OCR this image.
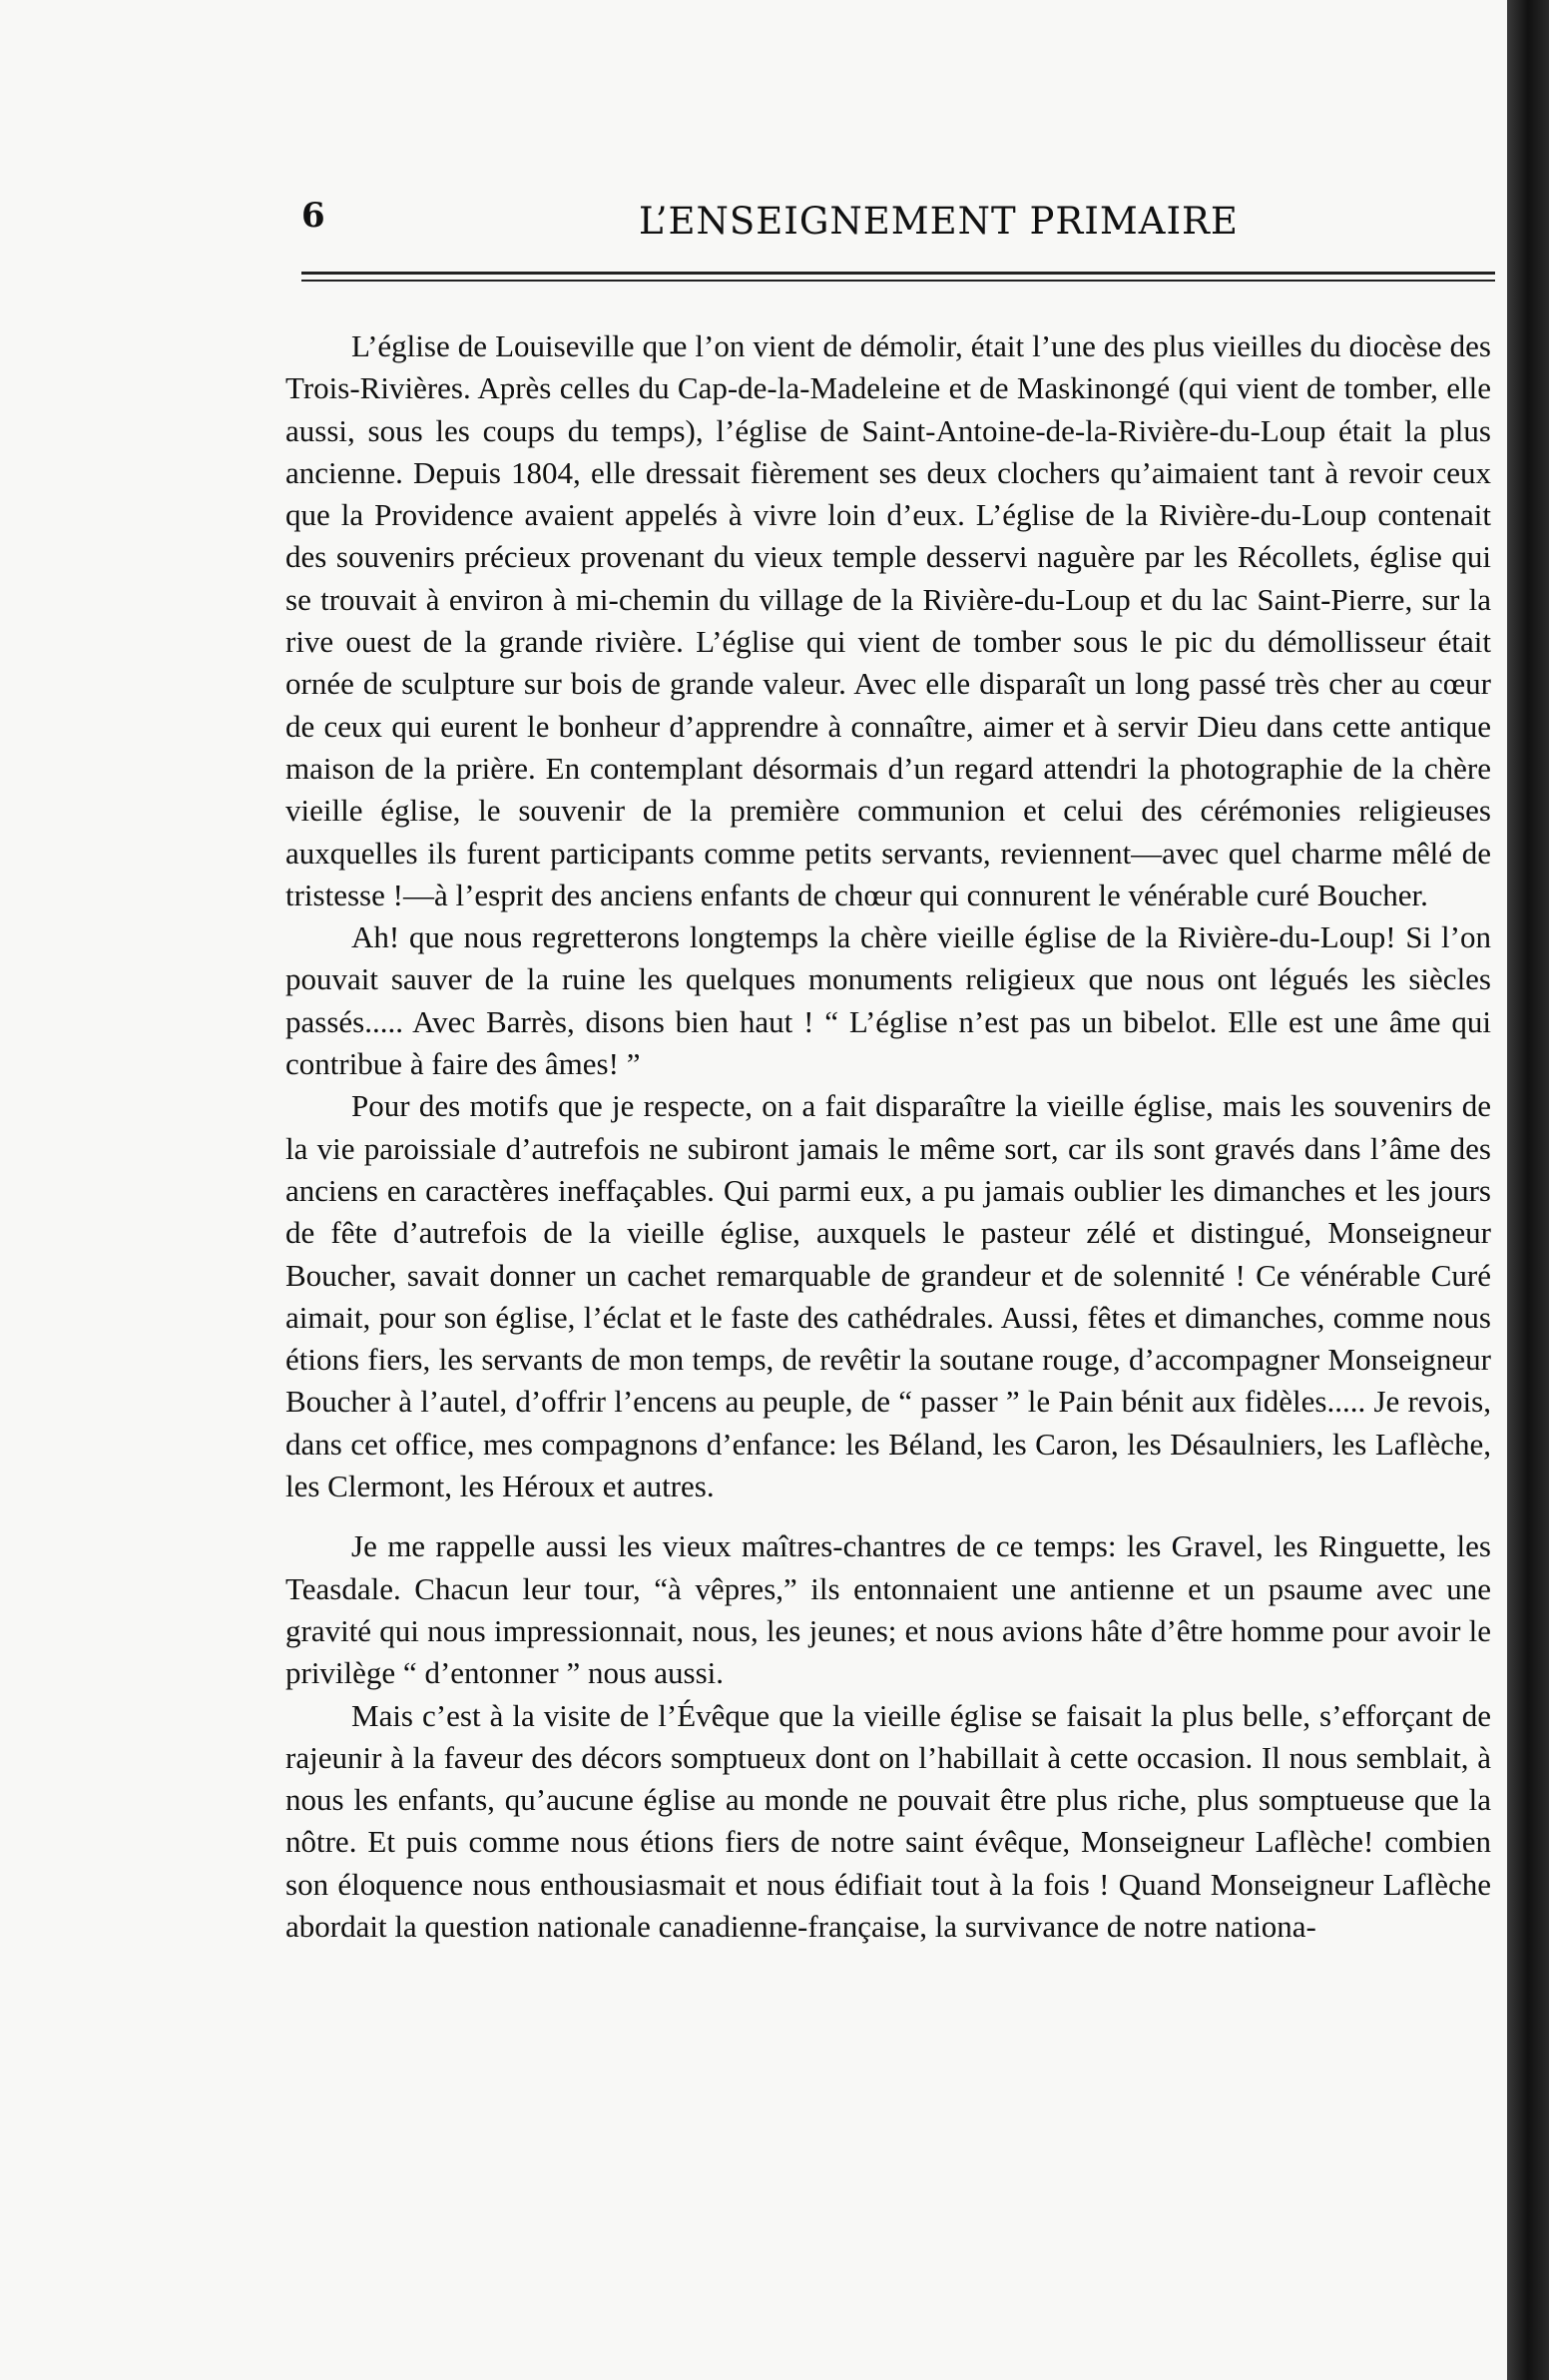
6	L’ENSEIGNEMENT PRIMAIRE

L’église de Louiseville que l’on vient de démolir, était l’une des plus vieilles du diocèse des Trois-Rivières. Après celles du Cap-de-la-Madeleine et de Maskinongé (qui vient de tomber, elle aussi, sous les coups du temps), l’église de Saint-Antoine-de-la-Rivière-du-Loup était la plus ancienne. Depuis 1804, elle dressait fièrement ses deux clochers qu’aimaient tant à revoir ceux que la Providence avaient appelés à vivre loin d’eux. L’église de la Rivière-du-Loup contenait des souvenirs précieux provenant du vieux temple desservi naguère par les Récollets, église qui se trouvait à environ à mi-chemin du village de la Rivière-du-Loup et du lac Saint-Pierre, sur la rive ouest de la grande rivière. L’église qui vient de tomber sous le pic du démollisseur était ornée de sculpture sur bois de grande valeur. Avec elle disparaît un long passé très cher au cœur de ceux qui eurent le bonheur d’apprendre à connaître, aimer et à servir Dieu dans cette antique maison de la prière. En contemplant désormais d’un regard attendri la photographie de la chère vieille église, le souvenir de la première communion et celui des cérémonies religieuses auxquelles ils furent participants comme petits servants, reviennent—avec quel charme mêlé de tristesse !—à l’esprit des anciens enfants de chœur qui connurent le vénérable curé Boucher.

Ah! que nous regretterons longtemps la chère vieille église de la Rivière-du-Loup! Si l’on pouvait sauver de la ruine les quelques monuments religieux que nous ont légués les siècles passés..... Avec Barrès, disons bien haut ! “ L’église n’est pas un bibelot. Elle est une âme qui contribue à faire des âmes! ”

Pour des motifs que je respecte, on a fait disparaître la vieille église, mais les souvenirs de la vie paroissiale d’autrefois ne subiront jamais le même sort, car ils sont gravés dans l’âme des anciens en caractères ineffaçables. Qui parmi eux, a pu jamais oublier les dimanches et les jours de fête d’autrefois de la vieille église, auxquels le pasteur zélé et distingué, Monseigneur Boucher, savait donner un cachet remarquable de grandeur et de solennité ! Ce vénérable Curé aimait, pour son église, l’éclat et le faste des cathédrales. Aussi, fêtes et dimanches, comme nous étions fiers, les servants de mon temps, de revêtir la soutane rouge, d’accompagner Monseigneur Boucher à l’autel, d’offrir l’encens au peuple, de “ passer ” le Pain bénit aux fidèles..... Je revois, dans cet office, mes compagnons d’enfance: les Béland, les Caron, les Désaulniers, les Laflèche, les Clermont, les Héroux et autres.

Je me rappelle aussi les vieux maîtres-chantres de ce temps: les Gravel, les Ringuette, les Teasdale. Chacun leur tour, “à vêpres,” ils entonnaient une antienne et un psaume avec une gravité qui nous impressionnait, nous, les jeunes; et nous avions hâte d’être homme pour avoir le privilège “ d’entonner ” nous aussi.

Mais c’est à la visite de l’Évêque que la vieille église se faisait la plus belle, s’efforçant de rajeunir à la faveur des décors somptueux dont on l’habillait à cette occasion. Il nous semblait, à nous les enfants, qu’aucune église au monde ne pouvait être plus riche, plus somptueuse que la nôtre. Et puis comme nous étions fiers de notre saint évêque, Monseigneur Laflèche! combien son éloquence nous enthousiasmait et nous édifiait tout à la fois ! Quand Monseigneur Laflèche abordait la question nationale canadienne-française, la survivance de notre nationa-
